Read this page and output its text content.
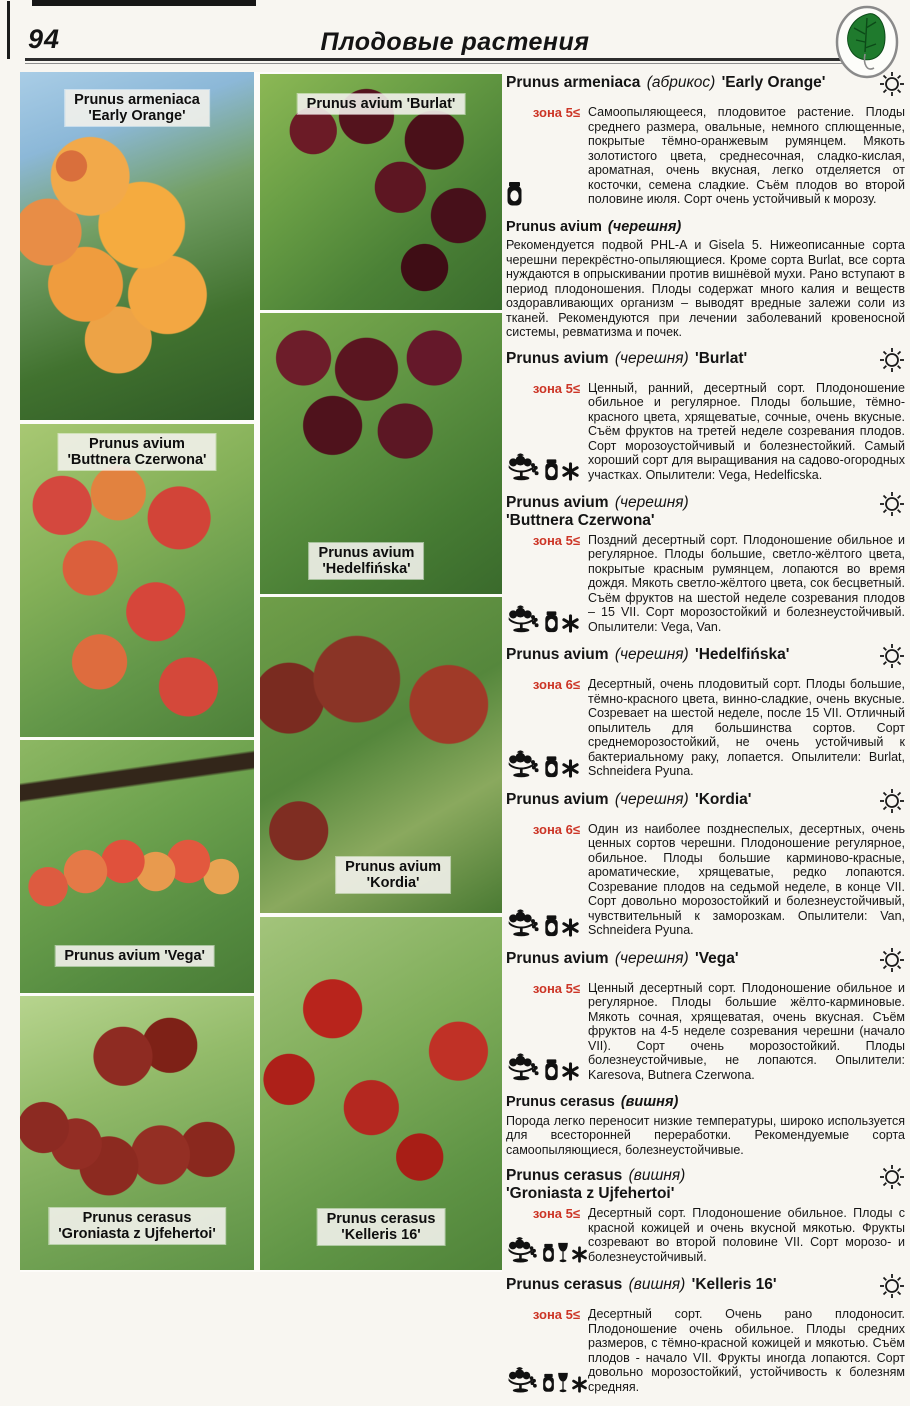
94	Плодовые растения
Prunus armeniaca
'Early Orange'
Prunus avium 'Burlat'
Prunus avium
'Buttnera Czerwona'
Prunus avium
'Hedelfińska'
Prunus avium 'Vega'
Prunus avium
'Kordia'
Prunus cerasus
'Groniasta z Ujfehertoi'
Prunus cerasus
'Kelleris 16'
Prunus armeniaca (абрикос) 'Early Orange'
зона 5≤ Самоопыляющееся, плодовитое растение. Плоды среднего размера, овальные, немного сплющенные, покрытые тёмно-оранжевым румянцем. Мякоть золотистого цвета, среднесочная, сладко-кислая, ароматная, очень вкусная, легко отделяется от косточки, семена сладкие. Съём плодов во второй половине июля. Сорт очень устойчивый к морозу.
Prunus avium (черешня)
Рекомендуется подвой PHL-A и Gisela 5. Нижеописанные сорта черешни перекрёстно-опыляющиеся. Кроме сорта Burlat, все сорта нуждаются в опрыскивании против вишнёвой мухи. Рано вступают в период плодоношения. Плоды содержат много калия и веществ оздоравливающих организм – выводят вредные залежи соли из тканей. Рекомендуются при лечении заболеваний кровеносной системы, ревматизма и почек.
Prunus avium (черешня) 'Burlat'
зона 5≤ Ценный, ранний, десертный сорт. Плодоношение обильное и регулярное. Плоды большие, тёмно-красного цвета, хрящеватые, сочные, очень вкусные. Съём фруктов на третей неделе созревания плодов. Сорт морозоустойчивый и болезнестойкий. Самый хороший сорт для выращивания на садово-огородных участках. Опылители: Vega, Hedelficska.
Prunus avium (черешня)
'Buttnera Czerwona'
зона 5≤ Поздний десертный сорт. Плодоношение обильное и регулярное. Плоды большие, светло-жёлтого цвета, покрытые красным румянцем, лопаются во время дождя. Мякоть светло-жёлтого цвета, сок бесцветный. Съём фруктов на шестой неделе созревания плодов – 15 VII. Сорт морозостойкий и болезнеустойчивый. Опылители: Vega, Van.
Prunus avium (черешня) 'Hedelfińska'
зона 6≤ Десертный, очень плодовитый сорт. Плоды большие, тёмно-красного цвета, винно-сладкие, очень вкусные. Созревает на шестой неделе, после 15 VII. Отличный опылитель для большинства сортов. Сорт среднеморозостойкий, не очень устойчивый к бактериальному раку, лопается. Опылители: Burlat, Schneidera Pyuna.
Prunus avium (черешня) 'Kordia'
зона 6≤ Один из наиболее позднеспелых, десертных, очень ценных сортов черешни. Плодоношение регулярное, обильное. Плоды большие карминово-красные, ароматические, хрящеватые, редко лопаются. Созревание плодов на седьмой неделе, в конце VII. Сорт довольно морозостойкий и болезнеустойчивый, чувствительный к заморозкам. Опылители: Van, Schneidera Pyuna.
Prunus avium (черешня) 'Vega'
зона 5≤ Ценный десертный сорт. Плодоношение обильное и регулярное. Плоды большие жёлто-карминовые. Мякоть сочная, хрящеватая, очень вкусная. Съём фруктов на 4-5 неделе созревания черешни (начало VII). Сорт очень морозостойкий. Плоды болезнеустойчивые, не лопаются. Опылители: Karesova, Butnera Czerwona.
Prunus cerasus (вишня)
Порода легко переносит низкие температуры, широко используется для всесторонней переработки. Рекомендуемые сорта самоопыляющиеся, болезнеустойчивые.
Prunus cerasus (вишня)
'Groniasta z Ujfehertoi'
зона 5≤ Десертный сорт. Плодоношение обильное. Плоды с красной кожицей и очень вкусной мякотью. Фрукты созревают во второй половине VII. Сорт морозо- и болезнеустойчивый.
Prunus cerasus (вишня) 'Kelleris 16'
зона 5≤ Десертный сорт. Очень рано плодоносит. Плодоношение очень обильное. Плоды средних размеров, с тёмно-красной кожицей и мякотью. Съём плодов - начало VII. Фрукты иногда лопаются. Сорт довольно морозостойкий, устойчивость к болезням средняя.
